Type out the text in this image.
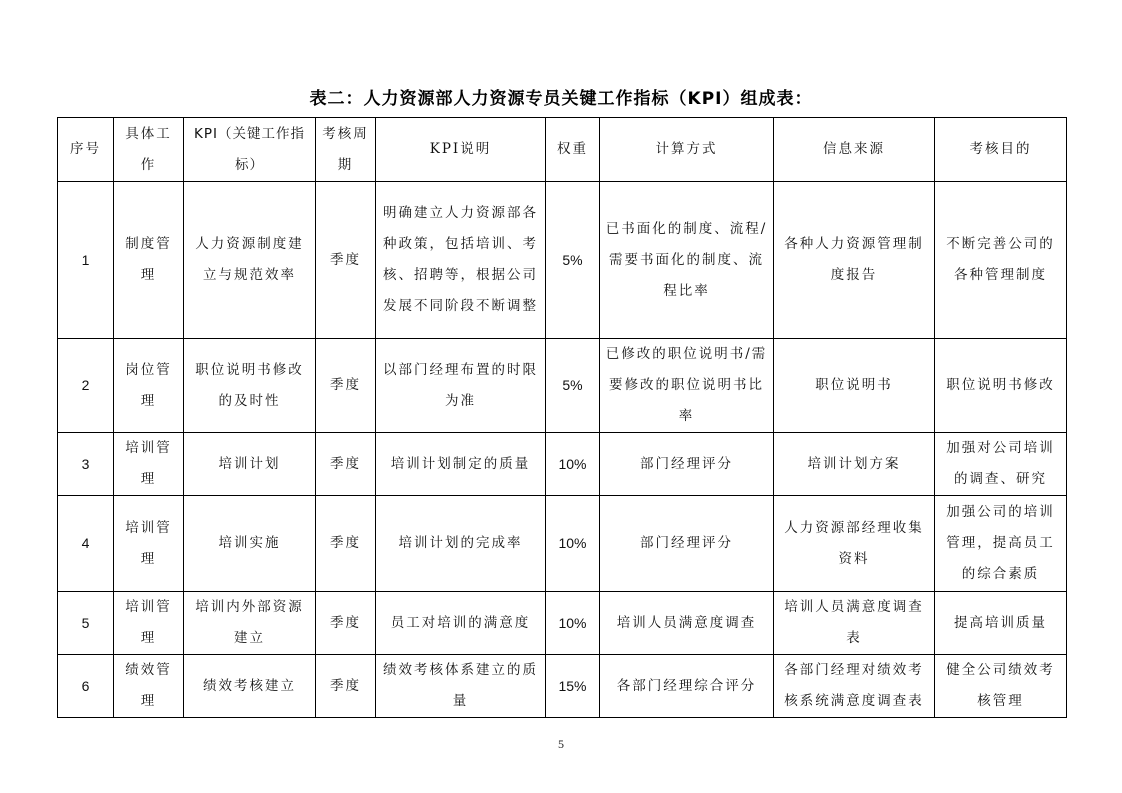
表二：人力资源部人力资源专员关键工作指标（KPI）组成表：
序号	具体工作	KPI（关键工作指标）	考核周期	KPI说明	权重	计算方式	信息来源	考核目的
1	制度管理	人力资源制度建立与规范效率	季度	明确建立人力资源部各种政策，包括培训、考核、招聘等，根据公司发展不同阶段不断调整	5%	已书面化的制度、流程/需要书面化的制度、流程比率	各种人力资源管理制度报告	不断完善公司的各种管理制度
2	岗位管理	职位说明书修改的及时性	季度	以部门经理布置的时限为准	5%	已修改的职位说明书/需要修改的职位说明书比率	职位说明书	职位说明书修改
3	培训管理	培训计划	季度	培训计划制定的质量	10%	部门经理评分	培训计划方案	加强对公司培训的调查、研究
4	培训管理	培训实施	季度	培训计划的完成率	10%	部门经理评分	人力资源部经理收集资料	加强公司的培训管理，提高员工的综合素质
5	培训管理	培训内外部资源建立	季度	员工对培训的满意度	10%	培训人员满意度调查	培训人员满意度调查表	提高培训质量
6	绩效管理	绩效考核建立	季度	绩效考核体系建立的质量	15%	各部门经理综合评分	各部门经理对绩效考核系统满意度调查表	健全公司绩效考核管理
5
